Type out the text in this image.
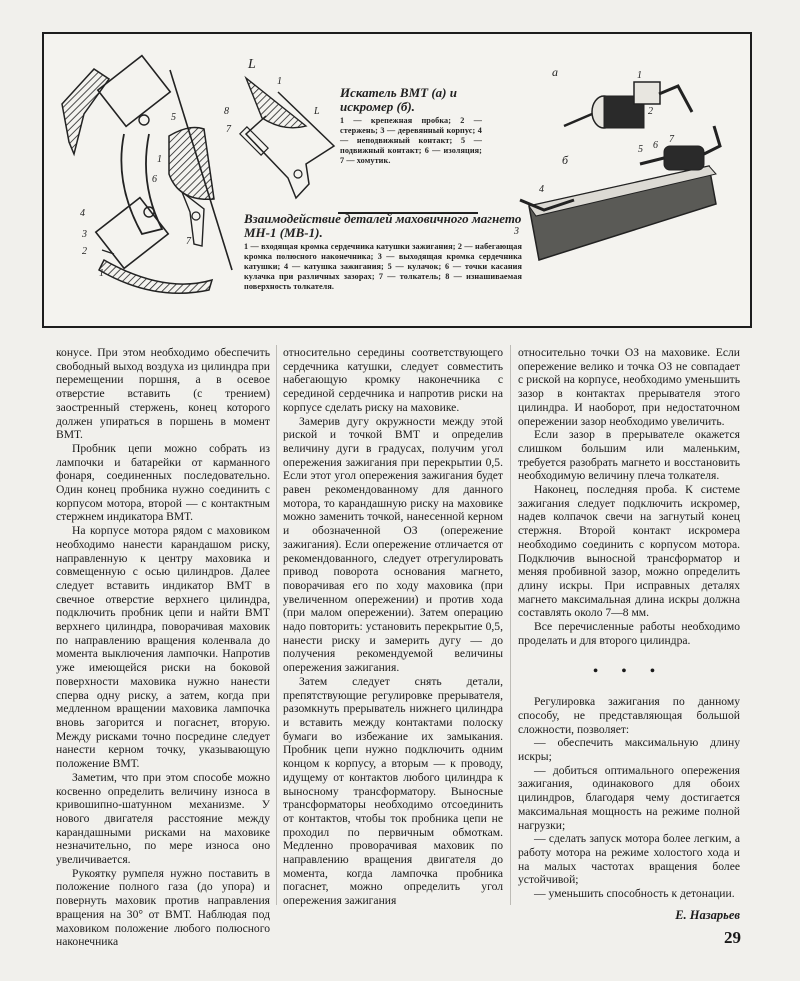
4
3
2
1
5
1
6
7
L
8
7
1
L
а
б
3
4
5 6
7
1
2
Искатель ВМТ (а) и искромер (б).
1 — крепежная пробка; 2 — стержень; 3 — деревянный корпус; 4 — неподвижный контакт; 5 — подвижный контакт; 6 — изоляция; 7 — хомутик.
Взаимодействие деталей маховичного магнето МН-1 (МВ-1).
1 — входящая кромка сердечника катушки зажигания; 2 — набегающая кромка полюсного наконечника; 3 — выходящая кромка сердечника катушки; 4 — катушка зажигания; 5 — кулачок; 6 — точки касания кулачка при различных зазорах; 7 — толкатель; 8 — изнашиваемая поверхность толкателя.

конусе. При этом необходимо обеспечить свободный выход воздуха из цилиндра при перемещении поршня, а в осевое отверстие вставить (с трением) заостренный стержень, конец которого должен упираться в поршень в момент ВМТ.

Пробник цепи можно собрать из лампочки и батарейки от карманного фонаря, соединенных последовательно. Один конец пробника нужно соединить с корпусом мотора, второй — с контактным стержнем индикатора ВМТ.

На корпусе мотора рядом с маховиком необходимо нанести карандашом риску, направленную к центру маховика и совмещенную с осью цилиндров. Далее следует вставить индикатор ВМТ в свечное отверстие верхнего цилиндра, подключить пробник цепи и найти ВМТ верхнего цилиндра, поворачивая маховик по направлению вращения коленвала до момента выключения лампочки. Напротив уже имеющейся риски на боковой поверхности маховика нужно нанести сперва одну риску, а затем, когда при медленном вращении маховика лампочка вновь загорится и погаснет, вторую. Между рисками точно посредине следует нанести керном точку, указывающую положение ВМТ.

Заметим, что при этом способе можно косвенно определить величину износа в кривошипно-шатунном механизме. У нового двигателя расстояние между карандашными рисками на маховике незначительно, по мере износа оно увеличивается.

Рукоятку румпеля нужно поставить в положение полного газа (до упора) и повернуть маховик против направления вращения на 30° от ВМТ. Наблюдая под маховиком положение любого полюсного наконечника

относительно середины соответствующего сердечника катушки, следует совместить набегающую кромку наконечника с серединой сердечника и напротив риски на корпусе сделать риску на маховике.

Замерив дугу окружности между этой риской и точкой ВМТ и определив величину дуги в градусах, получим угол опережения зажигания при перекрытии 0,5. Если этот угол опережения зажигания будет равен рекомендованному для данного мотора, то карандашную риску на маховике можно заменить точкой, нанесенной керном и обозначенной ОЗ (опережение зажигания). Если опережение отличается от рекомендованного, следует отрегулировать привод поворота основания магнето, поворачивая его по ходу маховика (при увеличенном опережении) и против хода (при малом опережении). Затем операцию надо повторить: установить перекрытие 0,5, нанести риску и замерить дугу — до получения рекомендуемой величины опережения зажигания.

Затем следует снять детали, препятствующие регулировке прерывателя, разомкнуть прерыватель нижнего цилиндра и вставить между контактами полоску бумаги во избежание их замыкания. Пробник цепи нужно подключить одним концом к корпусу, а вторым — к проводу, идущему от контактов любого цилиндра к выносному трансформатору. Выносные трансформаторы необходимо отсоединить от контактов, чтобы ток пробника цепи не проходил по первичным обмоткам. Медленно проворачивая маховик по направлению вращения двигателя до момента, когда лампочка пробника погаснет, можно определить угол опережения зажигания

относительно точки ОЗ на маховике. Если опережение велико и точка ОЗ не совпадает с риской на корпусе, необходимо уменьшить зазор в контактах прерывателя этого цилиндра. И наоборот, при недостаточном опережении зазор необходимо увеличить.

Если зазор в прерывателе окажется слишком большим или маленьким, требуется разобрать магнето и восстановить необходимую величину плеча толкателя.

Наконец, последняя проба. К системе зажигания следует подключить искромер, надев колпачок свечи на загнутый конец стержня. Второй контакт искромера необходимо соединить с корпусом мотора. Подключив выносной трансформатор и меняя пробивной зазор, можно определить длину искры. При исправных деталях магнето максимальная длина искры должна составлять около 7—8 мм.

Все перечисленные работы необходимо проделать и для второго цилиндра.

• • •

Регулировка зажигания по данному способу, не представляющая большой сложности, позволяет:

— обеспечить максимальную длину искры;

— добиться оптимального опережения зажигания, одинакового для обоих цилиндров, благодаря чему достигается максимальная мощность на режиме полной нагрузки;

— сделать запуск мотора более легким, а работу мотора на режиме холостого хода и на малых частотах вращения более устойчивой;

— уменьшить способность к детонации.

Е. Назарьев
29
